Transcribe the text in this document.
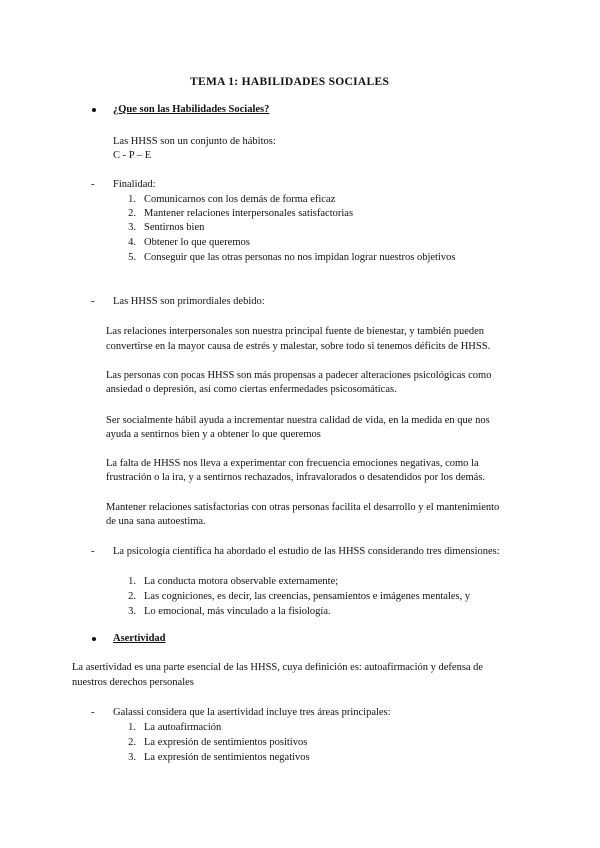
TEMA 1: HABILIDADES SOCIALES
¿Que son las Habilidades Sociales?
Las HHSS son un conjunto de hábitos:
C - P – E
- Finalidad:
1. Comunicarnos con los demás de forma eficaz
2. Mantener relaciones interpersonales satisfactorias
3. Sentirnos bien
4. Obtener lo que queremos
5. Conseguir que las otras personas no nos impidan lograr nuestros objetivos
- Las HHSS son primordiales debido:
Las relaciones interpersonales son nuestra principal fuente de bienestar, y también pueden
convertirse en la mayor causa de estrés y malestar, sobre todo si tenemos déficits de HHSS.
Las personas con pocas HHSS son más propensas a padecer alteraciones psicológicas como
ansiedad o depresión, así como ciertas enfermedades psicosomáticas.
Ser socialmente hábil ayuda a incrementar nuestra calidad de vida, en la medida en que nos
ayuda a sentirnos bien y a obtener lo que queremos
La falta de HHSS nos lleva a experimentar con frecuencia emociones negativas, como la
frustración o la ira, y a sentirnos rechazados, infravalorados o desatendidos por los demás.
Mantener relaciones satisfactorias con otras personas facilita el desarrollo y el mantenimiento
de una sana autoestima.
- La psicología científica ha abordado el estudio de las HHSS considerando tres dimensiones:
1. La conducta motora observable externamente;
2. Las cogniciones, es decir, las creencias, pensamientos e imágenes mentales, y
3. Lo emocional, más vinculado a la fisiología.
Asertividad
La asertividad es una parte esencial de las HHSS, cuya definición es: autoafirmación y defensa de
nuestros derechos personales
- Galassi considera que la asertividad incluye tres áreas principales:
1. La autoafirmación
2. La expresión de sentimientos positivos
3. La expresión de sentimientos negativos
